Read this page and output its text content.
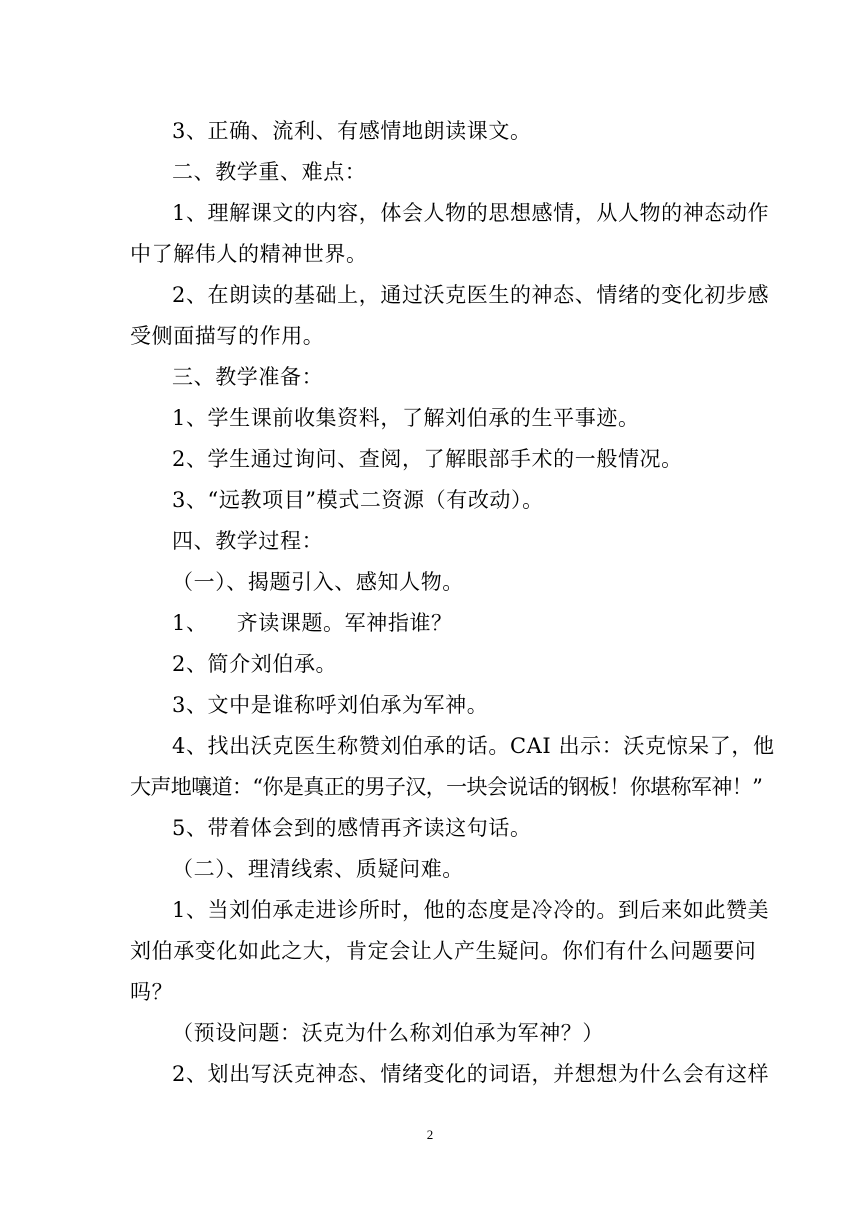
3、正确、流利、有感情地朗读课文。
二、教学重、难点：
1、理解课文的内容，体会人物的思想感情，从人物的神态动作
中了解伟人的精神世界。
2、在朗读的基础上，通过沃克医生的神态、情绪的变化初步感
受侧面描写的作用。
三、教学准备：
1、学生课前收集资料，了解刘伯承的生平事迹。
2、学生通过询问、查阅，了解眼部手术的一般情况。
3、“远教项目”模式二资源（有改动）。
四、教学过程：
（一）、揭题引入、感知人物。
1、    齐读课题。军神指谁？
2、简介刘伯承。
3、文中是谁称呼刘伯承为军神。
4、找出沃克医生称赞刘伯承的话。CAI 出示：沃克惊呆了，他
大声地嚷道：“你是真正的男子汉，一块会说话的钢板！你堪称军神！”
5、带着体会到的感情再齐读这句话。
（二）、理清线索、质疑问难。
1、当刘伯承走进诊所时，他的态度是冷冷的。到后来如此赞美
刘伯承变化如此之大，肯定会让人产生疑问。你们有什么问题要问
吗？
（预设问题：沃克为什么称刘伯承为军神？）
2、划出写沃克神态、情绪变化的词语，并想想为什么会有这样
2
